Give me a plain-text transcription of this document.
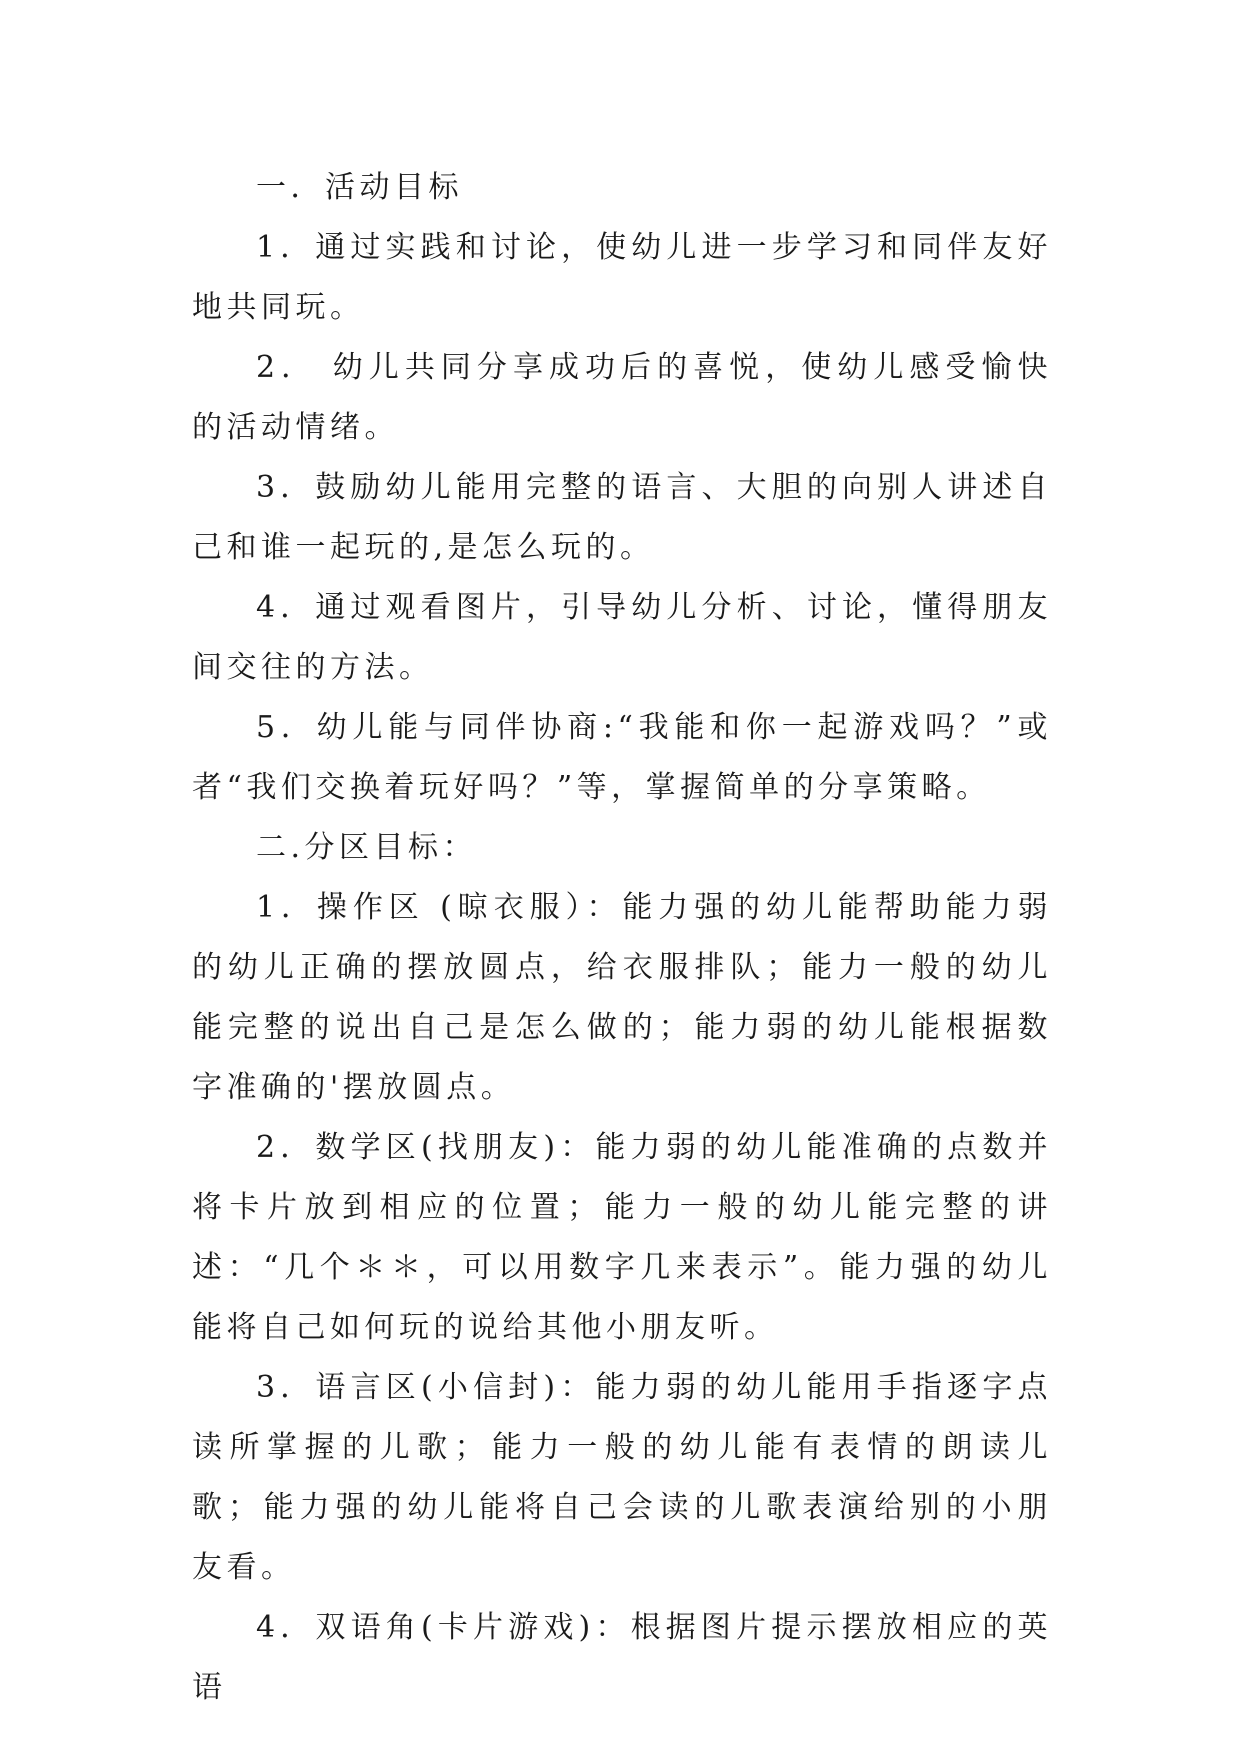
一．活动目标

1．通过实践和讨论，使幼儿进一步学习和同伴友好地共同玩。

2． 幼儿共同分享成功后的喜悦，使幼儿感受愉快的活动情绪。

3．鼓励幼儿能用完整的语言、大胆的向别人讲述自己和谁一起玩的,是怎么玩的。

4．通过观看图片，引导幼儿分析、讨论，懂得朋友间交往的方法。

5．幼儿能与同伴协商:“我能和你一起游戏吗？”或者“我们交换着玩好吗？”等，掌握简单的分享策略。

二.分区目标：

1．操作区 (晾衣服）：能力强的幼儿能帮助能力弱的幼儿正确的摆放圆点，给衣服排队；能力一般的幼儿能完整的说出自己是怎么做的；能力弱的幼儿能根据数字准确的'摆放圆点。

2．数学区(找朋友)：能力弱的幼儿能准确的点数并将卡片放到相应的位置；能力一般的幼儿能完整的讲述：“几个＊＊，可以用数字几来表示”。能力强的幼儿能将自己如何玩的说给其他小朋友听。

3．语言区(小信封)：能力弱的幼儿能用手指逐字点读所掌握的儿歌；能力一般的幼儿能有表情的朗读儿歌；能力强的幼儿能将自己会读的儿歌表演给别的小朋友看。

4．双语角(卡片游戏)：根据图片提示摆放相应的英语
